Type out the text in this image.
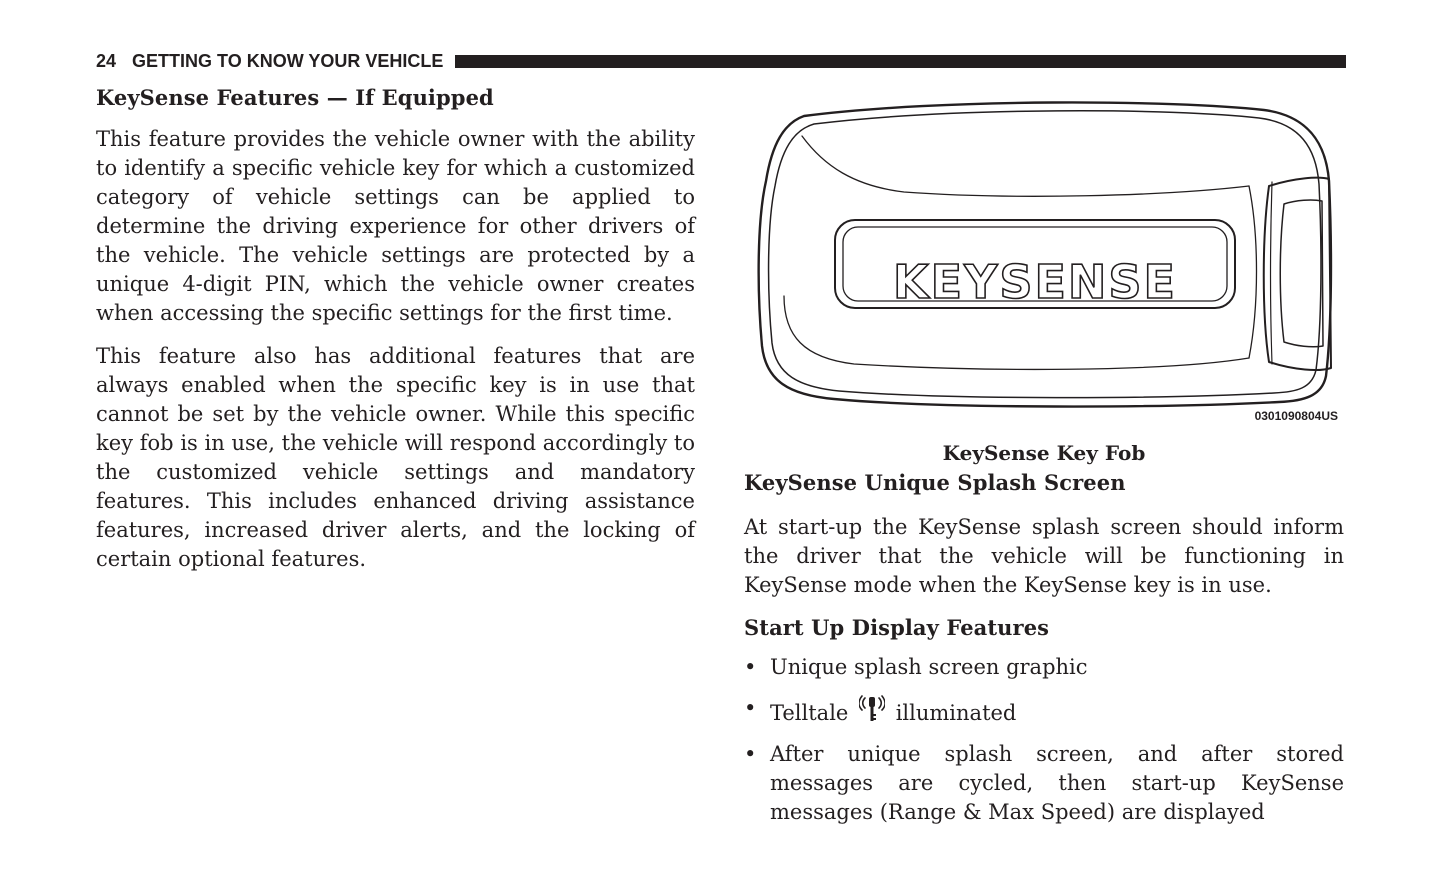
24 GETTING TO KNOW YOUR VEHICLE
KeySense Features — If Equipped

This feature provides the vehicle owner with the ability to identify a specific vehicle key for which a customized category of vehicle settings can be applied to determine the driving experience for other drivers of the vehicle. The vehicle settings are protected by a unique 4-digit PIN, which the vehicle owner creates when accessing the specific settings for the first time.

This feature also has additional features that are always enabled when the specific key is in use that cannot be set by the vehicle owner. While this specific key fob is in use, the vehicle will respond accordingly to the customized vehicle settings and mandatory features. This includes enhanced driving assistance features, increased driver alerts, and the locking of certain optional features.

KEYSENSE
0301090804US
KeySense Key Fob
KeySense Unique Splash Screen

At start-up the KeySense splash screen should inform the driver that the vehicle will be functioning in KeySense mode when the KeySense key is in use.

Start Up Display Features
• Unique splash screen graphic
• Telltale illuminated
• After unique splash screen, and after stored messages are cycled, then start-up KeySense messages (Range & Max Speed) are displayed
